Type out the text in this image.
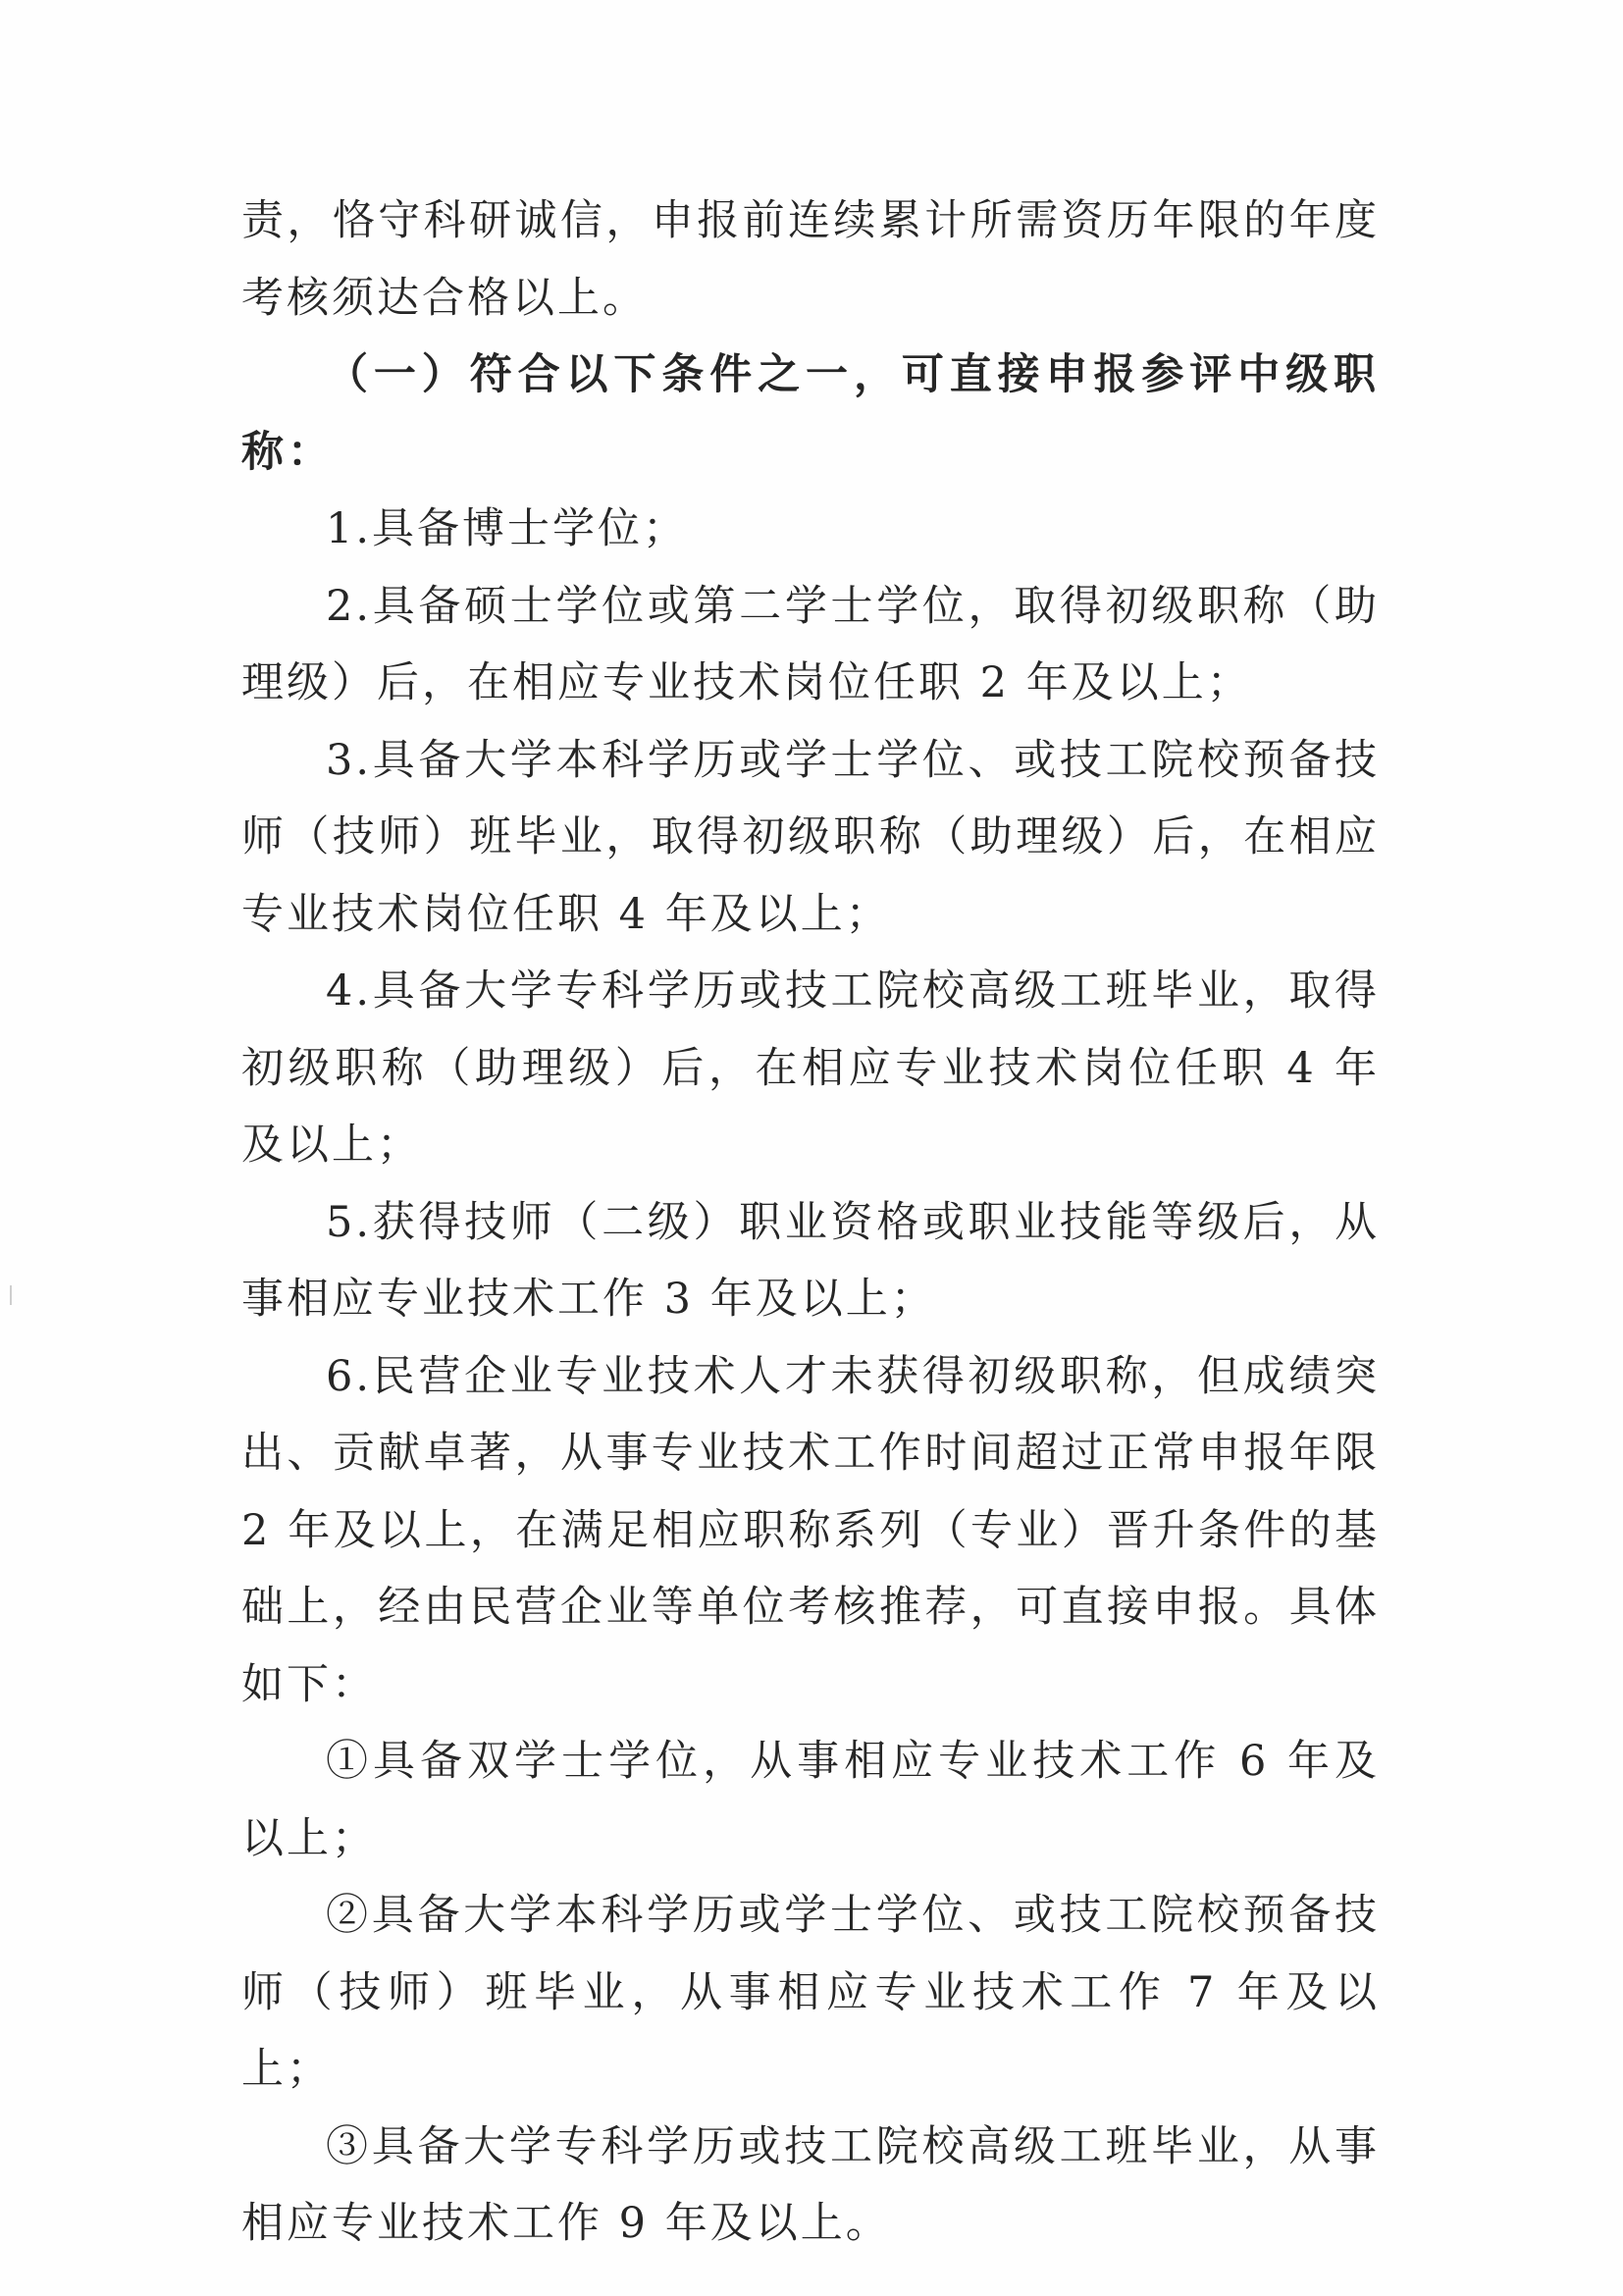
责，恪守科研诚信，申报前连续累计所需资历年限的年度考核须达合格以上。

（一）符合以下条件之一，可直接申报参评中级职称：

1.具备博士学位；

2.具备硕士学位或第二学士学位，取得初级职称（助理级）后，在相应专业技术岗位任职 2 年及以上；

3.具备大学本科学历或学士学位、或技工院校预备技师（技师）班毕业，取得初级职称（助理级）后，在相应专业技术岗位任职 4 年及以上；

4.具备大学专科学历或技工院校高级工班毕业，取得初级职称（助理级）后，在相应专业技术岗位任职 4 年及以上；

5.获得技师（二级）职业资格或职业技能等级后，从事相应专业技术工作 3 年及以上；

6.民营企业专业技术人才未获得初级职称，但成绩突出、贡献卓著，从事专业技术工作时间超过正常申报年限 2 年及以上，在满足相应职称系列（专业）晋升条件的基础上，经由民营企业等单位考核推荐，可直接申报。具体如下：

①具备双学士学位，从事相应专业技术工作 6 年及以上；

②具备大学本科学历或学士学位、或技工院校预备技师（技师）班毕业，从事相应专业技术工作 7 年及以上；

③具备大学专科学历或技工院校高级工班毕业，从事相应专业技术工作 9 年及以上。
